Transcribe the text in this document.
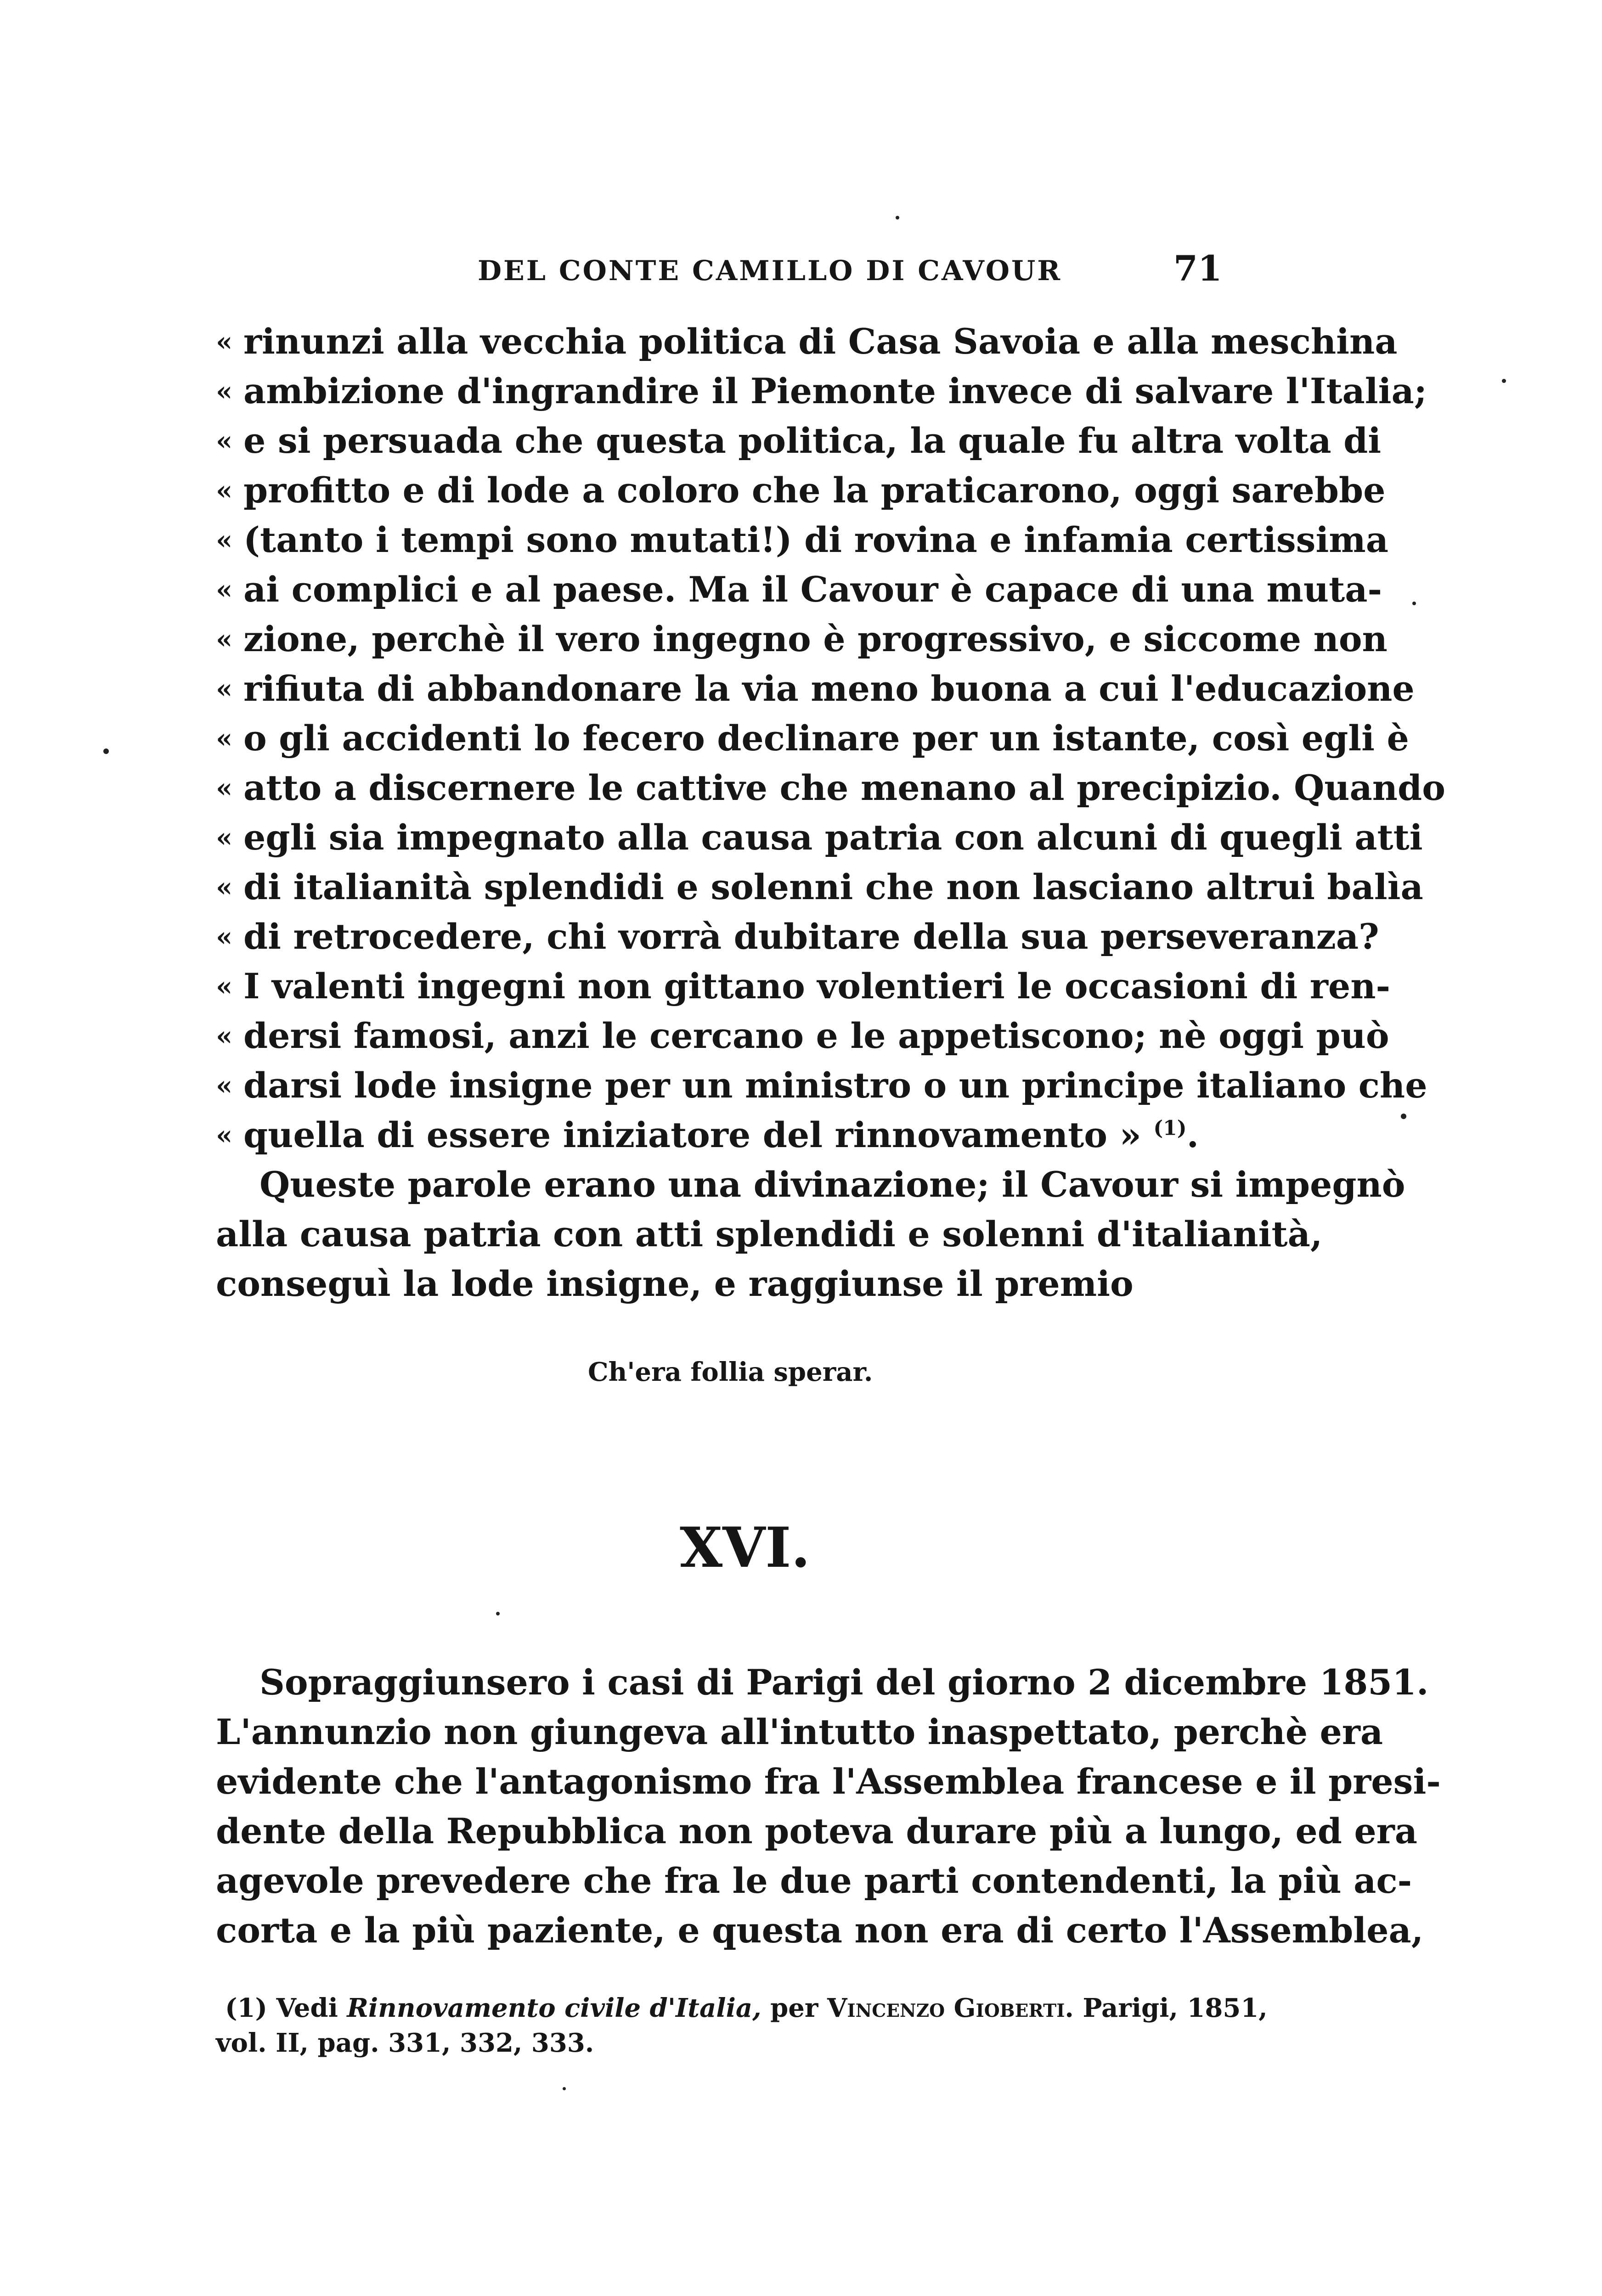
DEL CONTE CAMILLO DI CAVOUR	71
« rinunzi alla vecchia politica di Casa Savoia e alla meschina
« ambizione d'ingrandire il Piemonte invece di salvare l'Italia;
« e si persuada che questa politica, la quale fu altra volta di
« profitto e di lode a coloro che la praticarono, oggi sarebbe
« (tanto i tempi sono mutati!) di rovina e infamia certissima
« ai complici e al paese. Ma il Cavour è capace di una muta-
« zione, perchè il vero ingegno è progressivo, e siccome non
« rifiuta di abbandonare la via meno buona a cui l'educazione
« o gli accidenti lo fecero declinare per un istante, così egli è
« atto a discernere le cattive che menano al precipizio. Quando
« egli sia impegnato alla causa patria con alcuni di quegli atti
« di italianità splendidi e solenni che non lasciano altrui balìa
« di retrocedere, chi vorrà dubitare della sua perseveranza?
« I valenti ingegni non gittano volentieri le occasioni di ren-
« dersi famosi, anzi le cercano e le appetiscono; nè oggi può
« darsi lode insigne per un ministro o un principe italiano che
« quella di essere iniziatore del rinnovamento » $^{(1)}$.
Queste parole erano una divinazione; il Cavour si impegnò
alla causa patria con atti splendidi e solenni d'italianità,
conseguì la lode insigne, e raggiunse il premio
Ch'era follia sperar.
XVI.
Sopraggiunsero i casi di Parigi del giorno 2 dicembre 1851.
L'annunzio non giungeva all'intutto inaspettato, perchè era
evidente che l'antagonismo fra l'Assemblea francese e il presi-
dente della Repubblica non poteva durare più a lungo, ed era
agevole prevedere che fra le due parti contendenti, la più ac-
corta e la più paziente, e questa non era di certo l'Assemblea,
(1) Vedi Rinnovamento civile d'Italia, per Vincenzo Gioberti. Parigi, 1851,
vol. II, pag. 331, 332, 333.
